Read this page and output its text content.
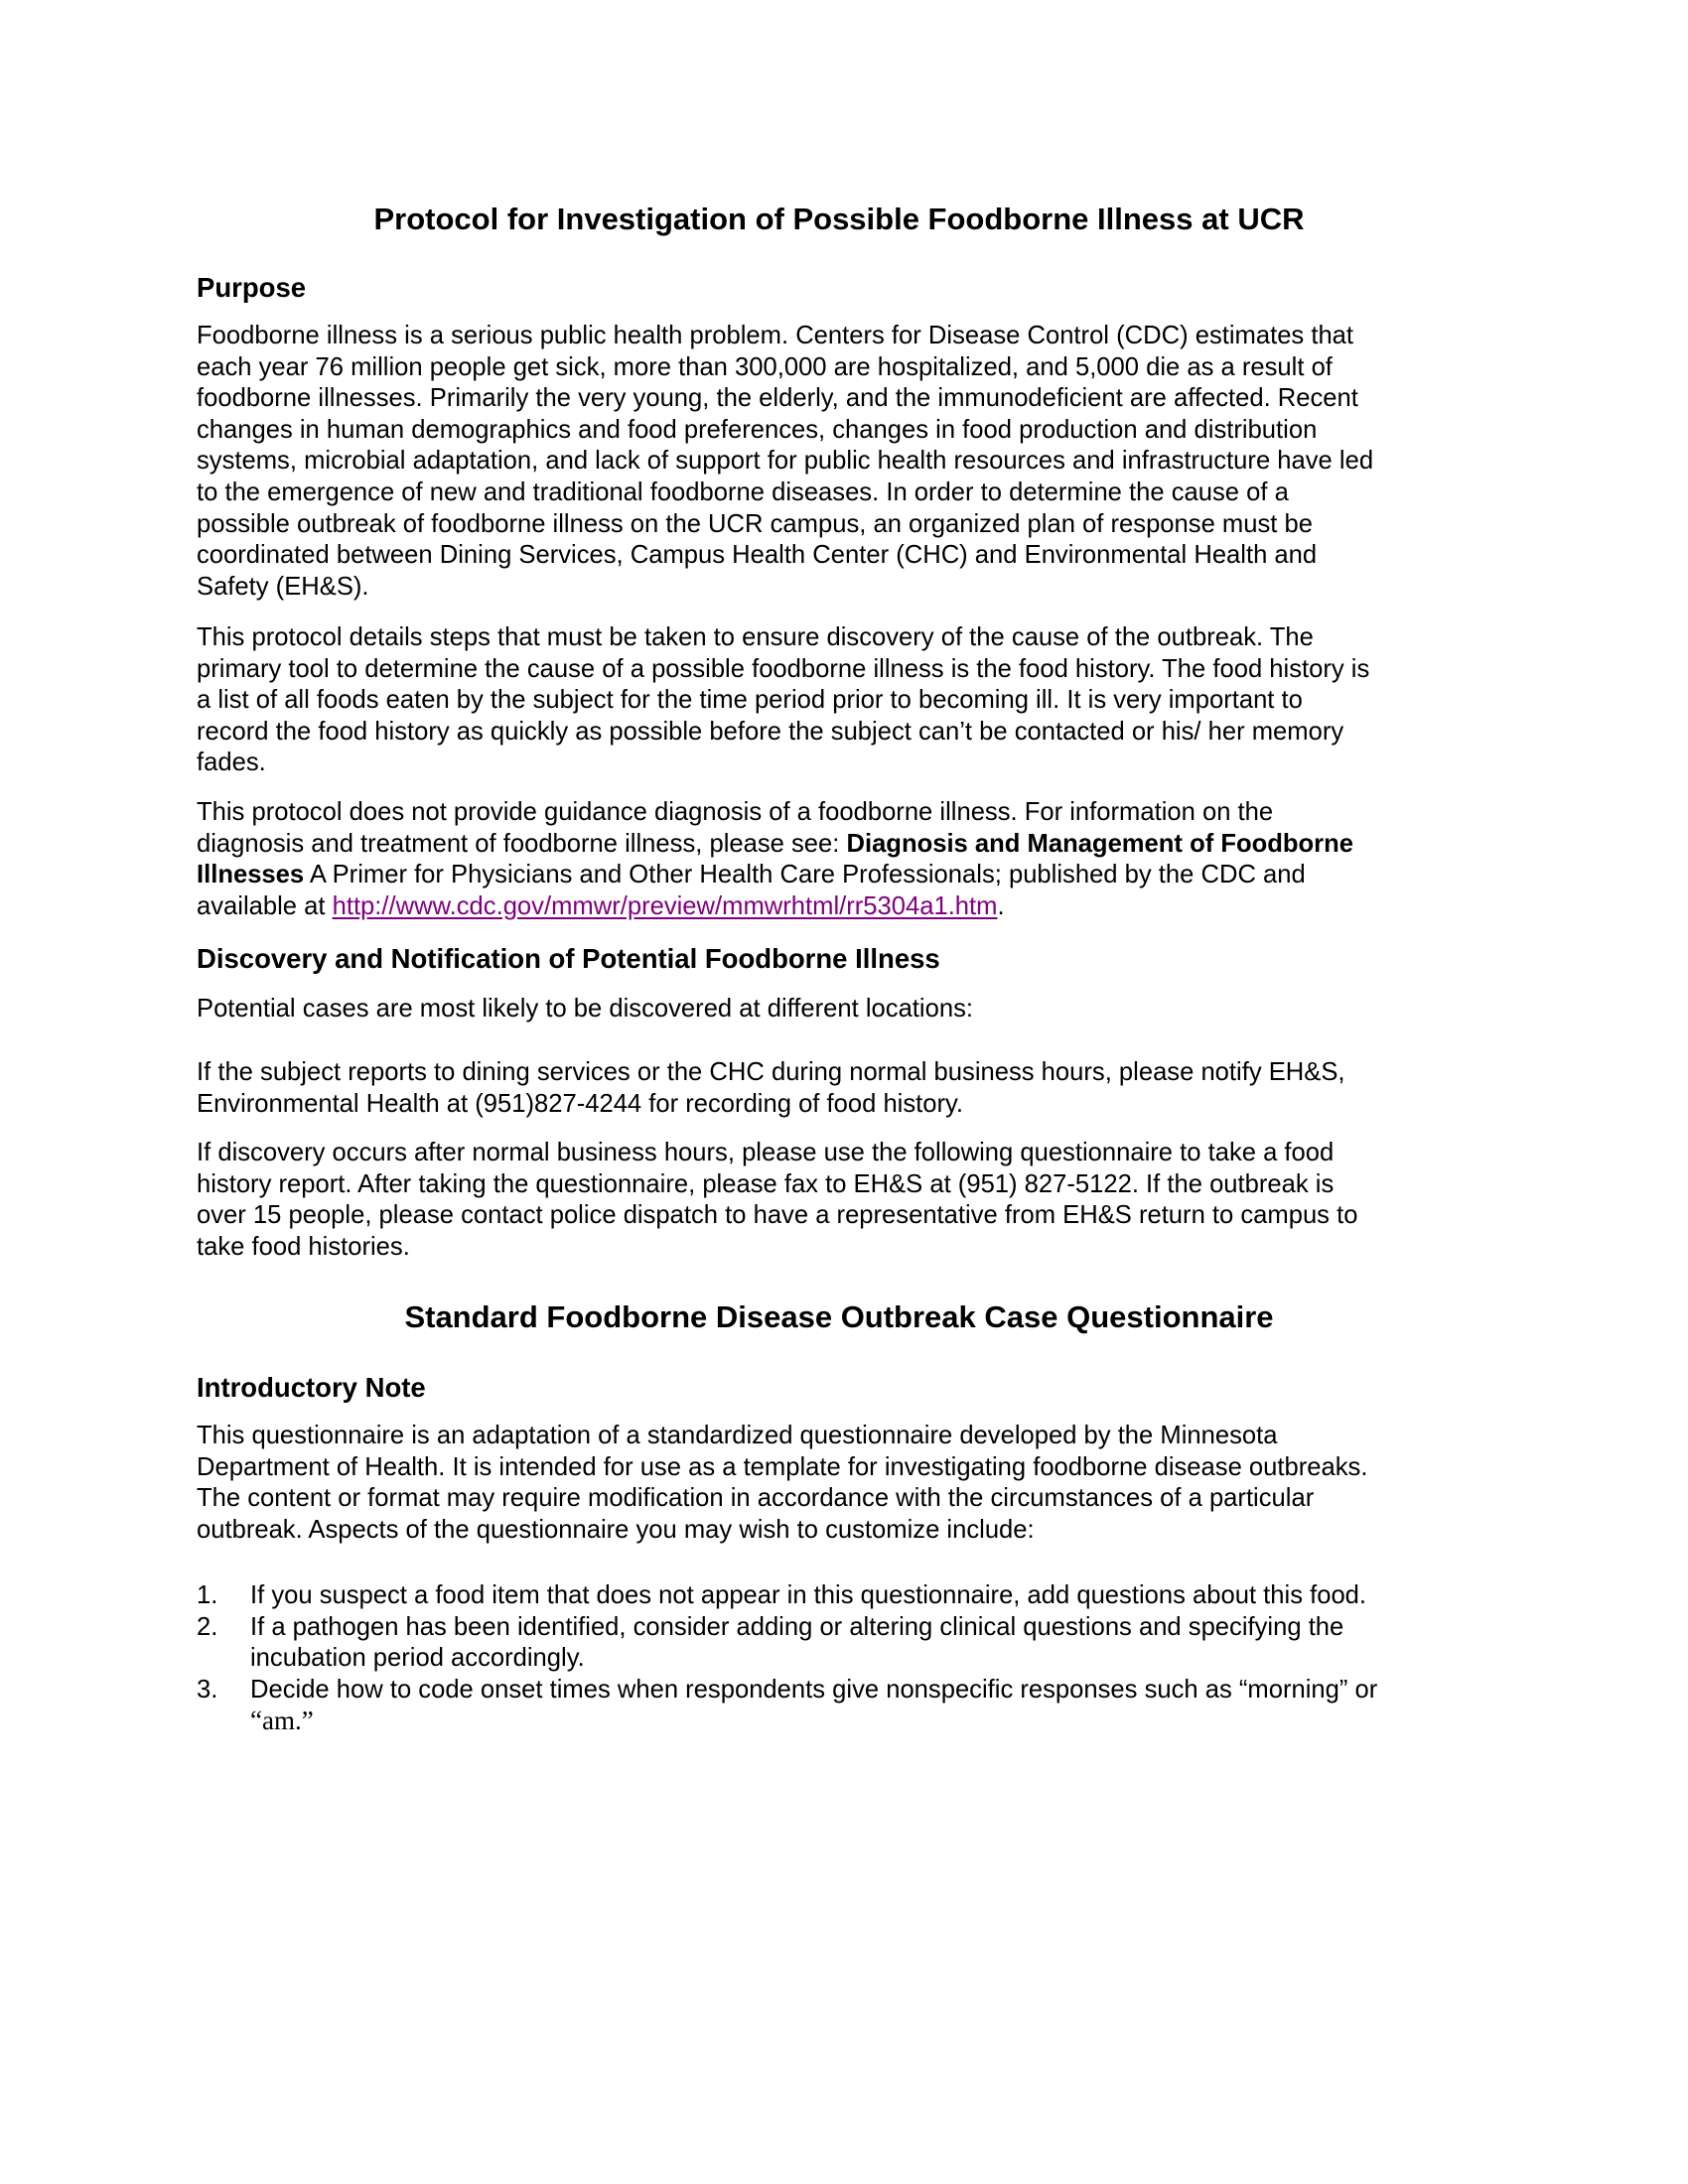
Protocol for Investigation of Possible Foodborne Illness at UCR
Purpose
Foodborne illness is a serious public health problem. Centers for Disease Control (CDC) estimates that
each year 76 million people get sick, more than 300,000 are hospitalized, and 5,000 die as a result of
foodborne illnesses. Primarily the very young, the elderly, and the immunodeficient are affected. Recent
changes in human demographics and food preferences, changes in food production and distribution
systems, microbial adaptation, and lack of support for public health resources and infrastructure have led
to the emergence of new and traditional foodborne diseases. In order to determine the cause of a
possible outbreak of foodborne illness on the UCR campus, an organized plan of response must be
coordinated between Dining Services, Campus Health Center (CHC) and Environmental Health and
Safety (EH&S).
This protocol details steps that must be taken to ensure discovery of the cause of the outbreak. The
primary tool to determine the cause of a possible foodborne illness is the food history. The food history is
a list of all foods eaten by the subject for the time period prior to becoming ill. It is very important to
record the food history as quickly as possible before the subject can’t be contacted or his/ her memory
fades.
This protocol does not provide guidance diagnosis of a foodborne illness. For information on the
diagnosis and treatment of foodborne illness, please see: Diagnosis and Management of Foodborne
Illnesses A Primer for Physicians and Other Health Care Professionals; published by the CDC and
available at http://www.cdc.gov/mmwr/preview/mmwrhtml/rr5304a1.htm.
Discovery and Notification of Potential Foodborne Illness
Potential cases are most likely to be discovered at different locations:
If the subject reports to dining services or the CHC during normal business hours, please notify EH&S,
Environmental Health at (951)827-4244 for recording of food history.
If discovery occurs after normal business hours, please use the following questionnaire to take a food
history report. After taking the questionnaire, please fax to EH&S at (951) 827-5122. If the outbreak is
over 15 people, please contact police dispatch to have a representative from EH&S return to campus to
take food histories.
Standard Foodborne Disease Outbreak Case Questionnaire
Introductory Note
This questionnaire is an adaptation of a standardized questionnaire developed by the Minnesota
Department of Health. It is intended for use as a template for investigating foodborne disease outbreaks.
The content or format may require modification in accordance with the circumstances of a particular
outbreak. Aspects of the questionnaire you may wish to customize include:
1. If you suspect a food item that does not appear in this questionnaire, add questions about this food.
2. If a pathogen has been identified, consider adding or altering clinical questions and specifying the
incubation period accordingly.
3. Decide how to code onset times when respondents give nonspecific responses such as “morning” or
“am.”
